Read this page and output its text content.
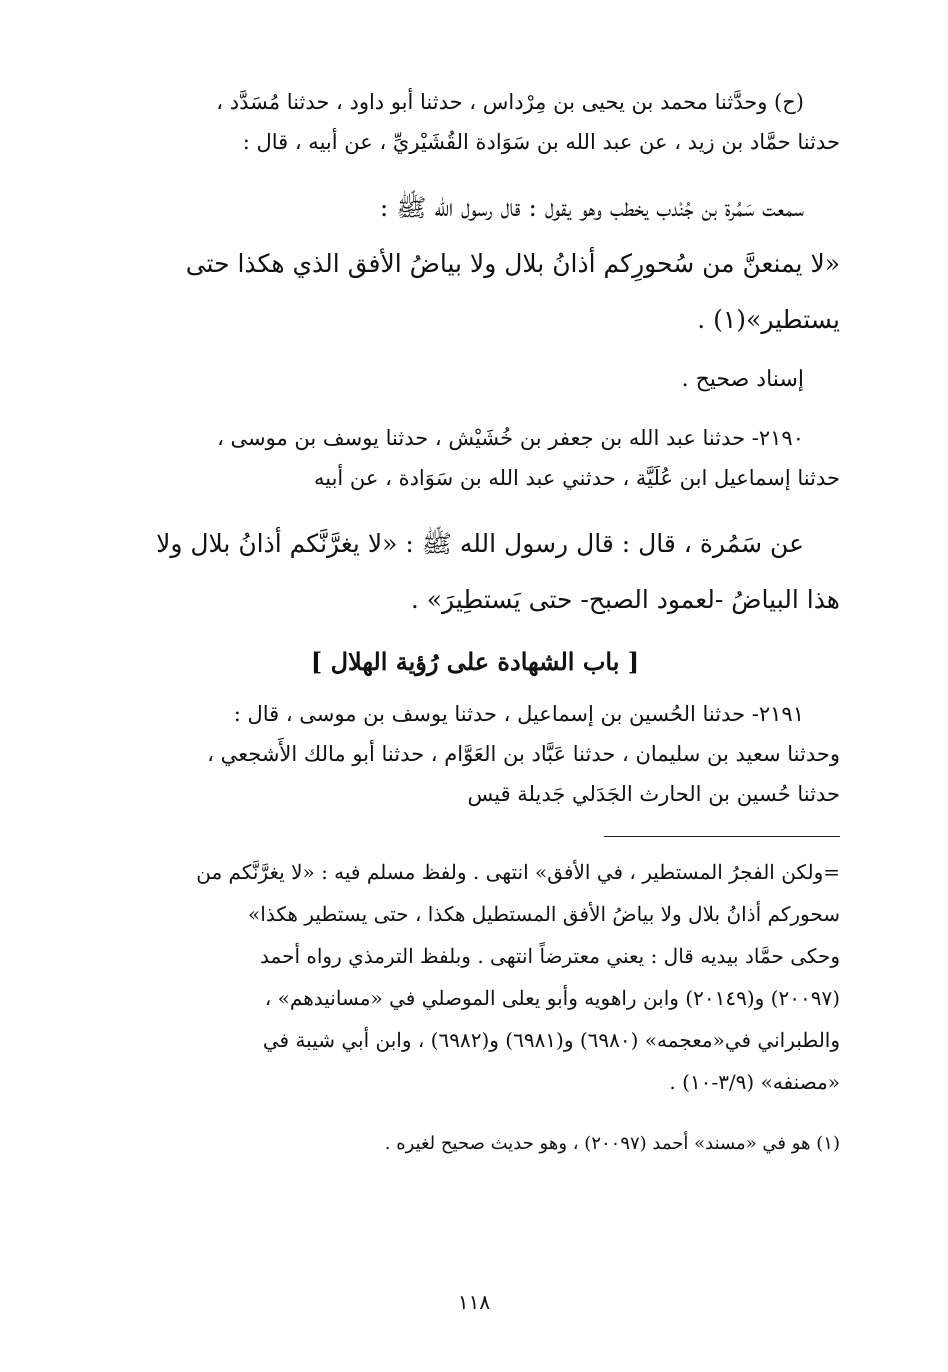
(ح) وحدَّثنا محمد بن يحيى بن مِرْداس ، حدثنا أبو داود ، حدثنا مُسَدَّد ،
حدثنا حمَّاد بن زيد ، عن عبد الله بن سَوَادة القُشَيْريِّ ، عن أبيه ، قال :
سمعت سَمُرة بن جُنْدب يخطب وهو يقول : قال رسول الله ﷺ :
«لا يمنعنَّ من سُحورِكم أذانُ بلال ولا بياضُ الأفق الذي هكذا حتى
يستطير»(١) .
إسناد صحيح .
٢١٩٠- حدثنا عبد الله بن جعفر بن خُشَيْش ، حدثنا يوسف بن موسى ،
حدثنا إسماعيل ابن عُلَيَّة ، حدثني عبد الله بن سَوَادة ، عن أبيه
عن سَمُرة ، قال : قال رسول الله ﷺ : «لا يغرَّنَّكم أذانُ بلال ولا
هذا البياضُ -لعمود الصبح- حتى يَستطِيرَ» .
[ باب الشهادة على رُؤية الهلال ]
٢١٩١- حدثنا الحُسين بن إسماعيل ، حدثنا يوسف بن موسى ، قال :
وحدثنا سعيد بن سليمان ، حدثنا عَبَّاد بن العَوَّام ، حدثنا أبو مالك الأَشجعي ،
حدثنا حُسين بن الحارث الجَدَلي جَديلة قيس
=ولكن الفجرُ المستطير ، في الأفق» انتهى . ولفظ مسلم فيه : «لا يغرَّنَّكم من
سحوركم أذانُ بلال ولا بياضُ الأفق المستطيل هكذا ، حتى يستطير هكذا»
وحكى حمَّاد بيديه قال : يعني معترضاً انتهى . وبلفظ الترمذي رواه أحمد
(٢٠٠٩٧) و(٢٠١٤٩) وابن راهويه وأبو يعلى الموصلي في «مسانيدهم» ،
والطبراني في«معجمه» (٦٩٨٠) و(٦٩٨١) و(٦٩٨٢) ، وابن أبي شيبة في
«مصنفه» (٣/٩-١٠) .
(١) هو في «مسند» أحمد (٢٠٠٩٧) ، وهو حديث صحيح لغيره .
١١٨
